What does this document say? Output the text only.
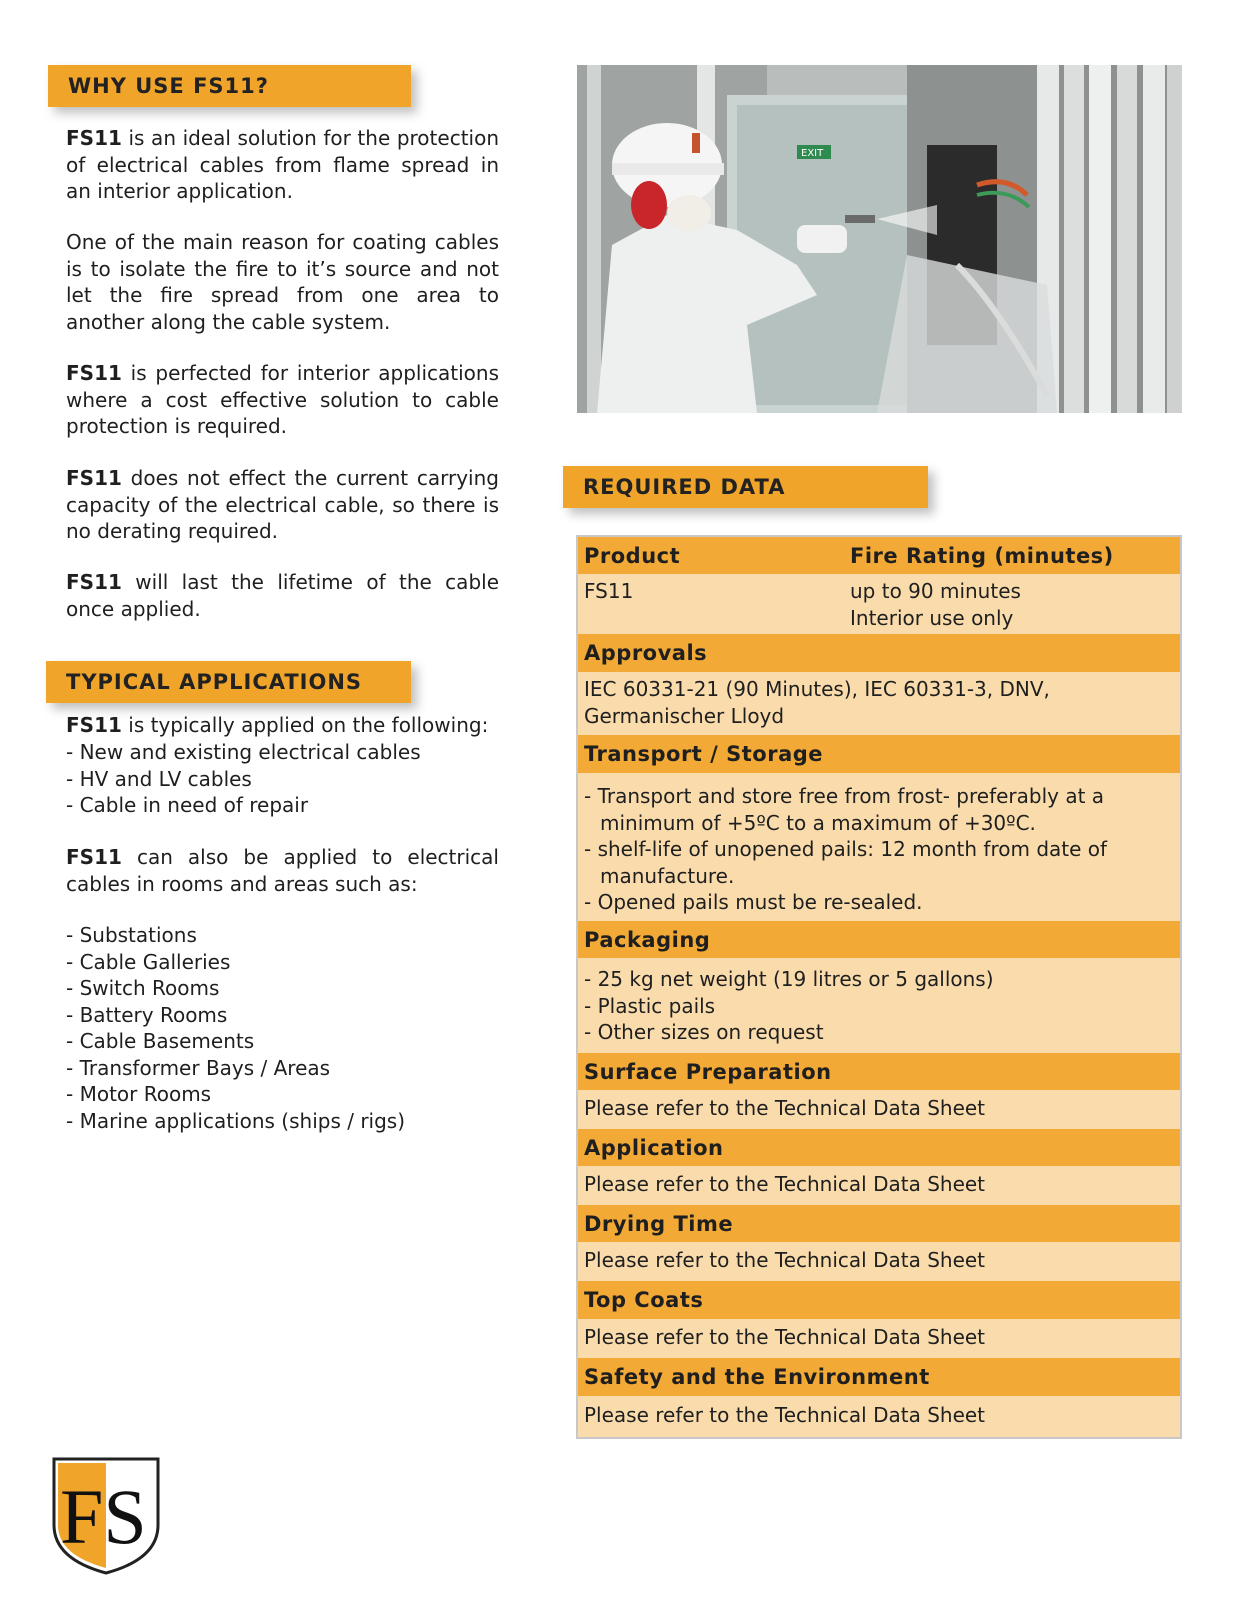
WHY USE FS11?

FS11 is an ideal solution for the protection of electrical cables from flame spread in an interior application.

One of the main reason for coating cables is to isolate the fire to it’s source and not let the fire spread from one area to another along the cable system.

FS11 is perfected for interior applications where a cost effective solution to cable protection is required.

FS11 does not effect the current carrying capacity of the electrical cable, so there is no derating required.

FS11 will last the lifetime of the cable once applied.

TYPICAL APPLICATIONS

FS11 is typically applied on the following:

- New and existing electrical cables
- HV and LV cables
- Cable in need of repair

FS11 can also be applied to electrical cables in rooms and areas such as:

- Substations
- Cable Galleries
- Switch Rooms
- Battery Rooms
- Cable Basements
- Transformer Bays / Areas
- Motor Rooms
- Marine applications (ships / rigs)
EXIT
REQUIRED DATA
Product	Fire Rating (minutes)
FS11	up to 90 minutes
Interior use only
Approvals
IEC 60331-21 (90 Minutes), IEC 60331-3, DNV, Germanischer Lloyd
Transport / Storage
- Transport and store free from frost- preferably at a minimum of +5ºC to a maximum of +30ºC.
- shelf-life of unopened pails: 12 month from date of manufacture.
- Opened pails must be re-sealed.
Packaging
- 25 kg net weight (19 litres or 5 gallons)
- Plastic pails
- Other sizes on request
Surface Preparation
Please refer to the Technical Data Sheet
Application
Please refer to the Technical Data Sheet
Drying Time
Please refer to the Technical Data Sheet
Top Coats
Please refer to the Technical Data Sheet
Safety and the Environment
Please refer to the Technical Data Sheet
FS
